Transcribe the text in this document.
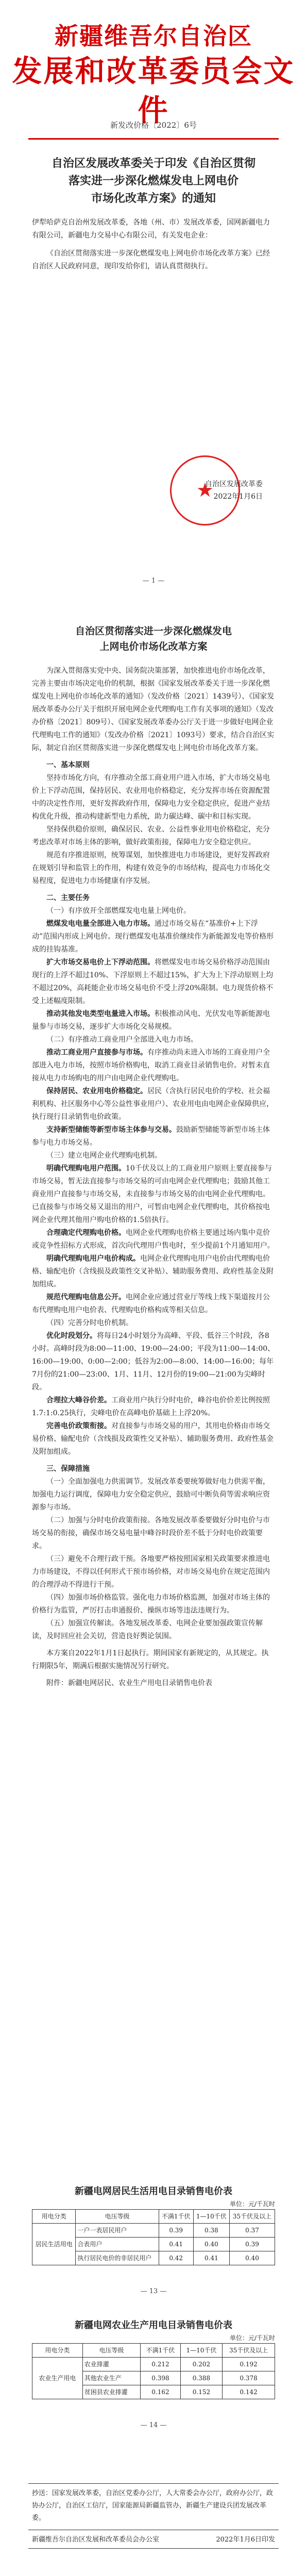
新疆维吾尔自治区
发展和改革委员会文件
新发改价格〔2022〕6号
自治区发展改革委关于印发《自治区贯彻
落实进一步深化燃煤发电上网电价
市场化改革方案》的通知

伊犁哈萨克自治州发展改革委，各地（州、市）发展改革委，国网新疆电力有限公司，新疆电力交易中心有限公司，有关发电企业：

《自治区贯彻落实进一步深化燃煤发电上网电价市场化改革方案》已经自治区人民政府同意，现印发给你们，请认真贯彻执行。

★
自治区发展改革委
2022年1月6日
— 1 —
自治区贯彻落实进一步深化燃煤发电
上网电价市场化改革方案

为深入贯彻落实党中央、国务院决策部署，加快推进电价市场化改革，完善主要由市场决定电价的机制，根据《国家发展改革委关于进一步深化燃煤发电上网电价市场化改革的通知》（发改价格〔2021〕1439号）、《国家发展改革委办公厅关于组织开展电网企业代理购电工作有关事项的通知》（发改办价格〔2021〕809号）、《国家发展改革委办公厅关于进一步做好电网企业代理购电工作的通知》（发改办价格〔2021〕1093号）要求，结合自治区实际，制定自治区贯彻落实进一步深化燃煤发电上网电价市场化改革方案。

一、基本原则

坚持市场化方向，有序推动全部工商业用户进入市场，扩大市场交易电价上下浮动范围，保持居民、农业用电价格稳定，充分发挥市场在资源配置中的决定性作用，更好发挥政府作用，保障电力安全稳定供应，促进产业结构优化升级，推动构建新型电力系统，助力碳达峰、碳中和目标实现。

坚持保供稳价原则，确保居民、农业、公益性事业用电价格稳定，充分考虑改革对市场主体的影响，做好政策衔接，保障电力安全稳定供应。

规范有序推进原则，统筹谋划，加快推进电力市场建设，更好发挥政府在规划引导和监管上的作用，构建有效竞争的市场结构，提高电力市场化交易程度，促进电力市场健康有序发展。

二、主要任务

（一）有序放开全部燃煤发电电量上网电价。

燃煤发电电量全部进入电力市场。通过市场交易在“基准价+上下浮动”范围内形成上网电价。现行燃煤发电基准价继续作为新能源发电等价格形成的挂钩基准。

扩大市场交易电价上下浮动范围。将燃煤发电市场交易价格浮动范围由现行的上浮不超过10%、下浮原则上不超过15%，扩大为上下浮动原则上均不超过20%，高耗能企业市场交易电价不受上浮20%限制。电力现货价格不受上述幅度限制。

推动其他发电类型电量进入市场。积极推动风电、光伏发电等新能源电量参与市场交易，逐步扩大市场化交易规模。

（二）有序推动工商业用户全部进入电力市场。

推动工商业用户直接参与市场。有序推动尚未进入市场的工商业用户全部进入电力市场，按照市场价格购电，取消工商业目录销售电价。对暂未直接从电力市场购电的用户由电网企业代理购电。

保持居民、农业用电价格稳定。居民（含执行居民电价的学校、社会福利机构、社区服务中心等公益性事业用户）、农业用电由电网企业保障供应，执行现行目录销售电价政策。

支持新型储能等新型市场主体参与交易。鼓励新型储能等新型市场主体参与电力市场交易。

（三）建立电网企业代理购电机制。

明确代理购电用户范围。10千伏及以上的工商业用户原则上要直接参与市场交易，暂无法直接参与市场交易的可由电网企业代理购电；鼓励其他工商业用户直接参与市场交易，未直接参与市场交易的由电网企业代理购电。已直接参与市场交易又退出的用户，可暂由电网企业代理购电，其价格按电网企业代理其他用户购电价格的1.5倍执行。

合理确定代理购电价格。电网企业代理购电价格主要通过场内集中竞价或竞争性招标方式形成，首次向代理用户售电时，至少提前1个月通知用户。

明确代理购电用户电价构成。电网企业代理购电用户电价由代理购电价格、输配电价（含线损及政策性交叉补贴）、辅助服务费用、政府性基金及附加组成。

规范代理购电信息公开。电网企业应通过营业厅等线上线下渠道按月公布代理购电用户电价表、代理购电价格构成等相关信息。

（四）完善分时电价机制。

优化时段划分。将每日24小时划分为高峰、平段、低谷三个时段，各8小时。高峰时段为8:00—11:00、19:00—24:00；平段为11:00—14:00、16:00—19:00、0:00—2:00；低谷为2:00—8:00、14:00—16:00；每年7月份的21:00—23:00、1月、11月、12月份的19:00—21:00为尖峰时段。

合理拉大峰谷价差。工商业用户执行分时电价，峰谷电价价差比例按照1.7:1:0.25执行，尖峰电价在高峰电价基础上上浮20%。

完善电价政策衔接。对直接参与市场交易的用户，其用电价格由市场交易价格、输配电价（含线损及政策性交叉补贴）、辅助服务费用、政府性基金及附加组成。

三、保障措施

（一）全面加强电力供需调节。发展改革委要统筹做好电力供需平衡，加强电力运行调度，保障电力安全稳定供应，鼓励可中断负荷等需求响应资源参与市场。

（二）加强与分时电价政策衔接。各地发展改革委要做好分时电价与市场交易的衔接，确保市场交易电量中峰谷时段价差不低于分时电价政策要求。

（三）避免不合理行政干预。各地要严格按照国家相关政策要求推进电力市场建设，不得以任何形式干预市场价格，对市场交易电价在规定范围内的合理浮动不得进行干预。

（四）加强市场价格监管。强化电力市场价格监测，加强对市场主体的价格行为监管，严厉打击串通报价、操纵市场等违法违规行为。

（五）加强宣传解读。各地发展改革委、电网企业要加强政策宣传解读，及时回应社会关切，营造良好舆论氛围。

本方案自2022年1月1日起执行。期间国家有新规定的，从其规定。执行期限5年，期满后根据实施情况另行研究。

附件：新疆电网居民、农业生产用电目录销售电价表

新疆电网居民生活用电目录销售电价表
单位：元/千瓦时
用电分类	电压等级	不满1千伏	1—10千伏	35千伏及以上
居民生活用电	一户一表居民用户	0.39	0.38	0.37
	合表用户	0.41	0.40	0.39
	执行居民电价的非居民用户	0.42	0.41	0.40
— 13 —
新疆电网农业生产用电目录销售电价表
单位：元/千瓦时
用电分类	电压等级	不满1千伏	1—10千伏	35千伏及以上
农业生产用电	农业排灌	0.212	0.202	0.192
	其他农业生产	0.398	0.388	0.378
	贫困县农业排灌	0.162	0.152	0.142
— 14 —
抄送：国家发展改革委，自治区党委办公厅，人大常委会办公厅，政府办公厅，政协办公厅，自治区工信厅，国家能源局新疆监管办，新疆生产建设兵团发展改革委。
新疆维吾尔自治区发展和改革委员会办公室	2022年1月6日印发
